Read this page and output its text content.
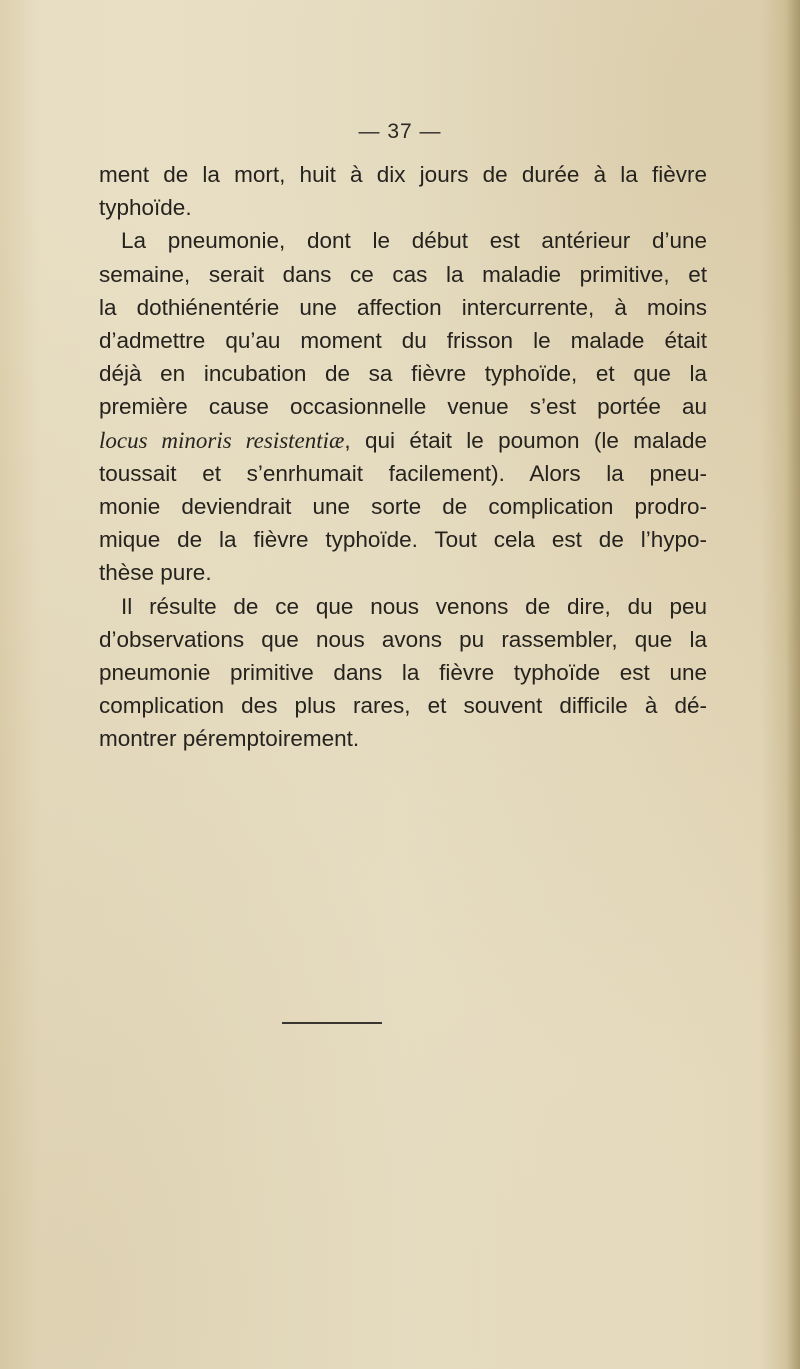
— 37 —
ment de la mort, huit à dix jours de durée à la fièvre
typhoïde.
La pneumonie, dont le début est antérieur d’une
semaine, serait dans ce cas la maladie primitive, et
la dothiénentérie une affection intercurrente, à moins
d’admettre qu’au moment du frisson le malade était
déjà en incubation de sa fièvre typhoïde, et que la
première cause occasionnelle venue s’est portée au
locus minoris resistentiæ, qui était le poumon (le malade
toussait et s’enrhumait facilement). Alors la pneu-
monie deviendrait une sorte de complication prodro-
mique de la fièvre typhoïde. Tout cela est de l’hypo-
thèse pure.
Il résulte de ce que nous venons de dire, du peu
d’observations que nous avons pu rassembler, que la
pneumonie primitive dans la fièvre typhoïde est une
complication des plus rares, et souvent difficile à dé-
montrer péremptoirement.
